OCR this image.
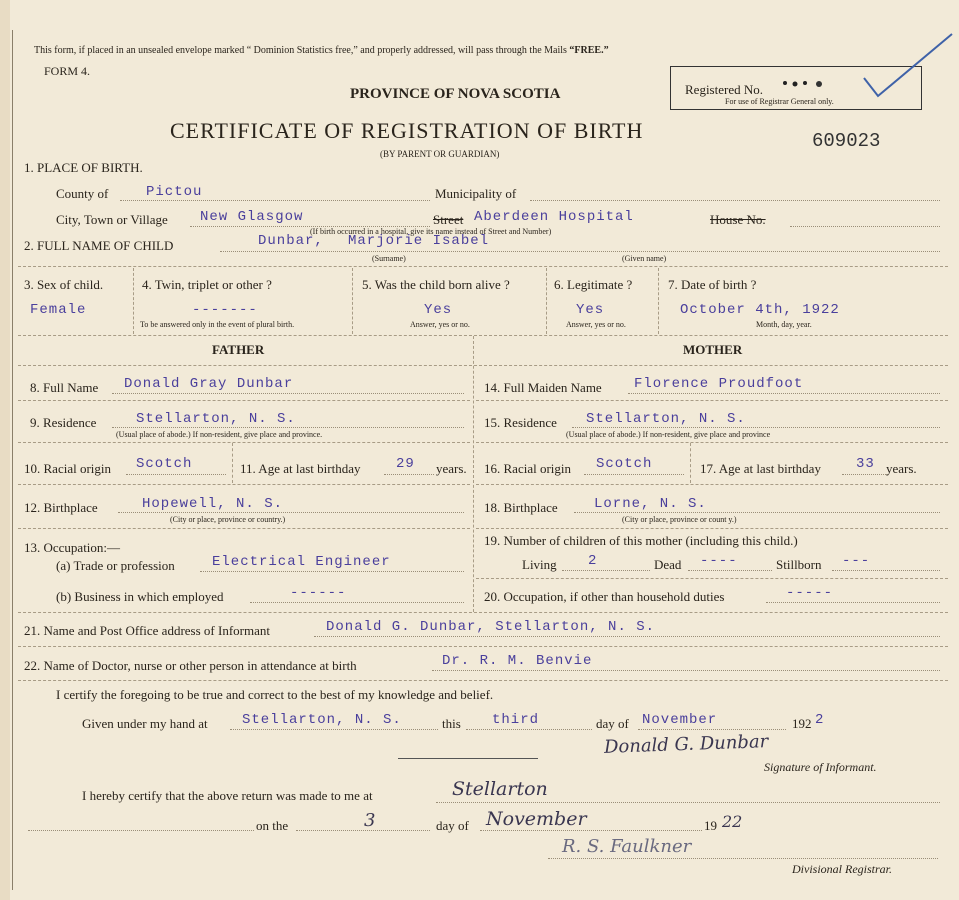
This form, if placed in an unsealed envelope marked “ Dominion Statistics free,” and properly addressed, will pass through the Mails “FREE.”
FORM 4.
PROVINCE OF NOVA SCOTIA	Registered No.
For use of Registrar General only.
CERTIFICATE OF REGISTRATION OF BIRTH
(BY PARENT OR GUARDIAN)
609023
1. PLACE OF BIRTH.
County of	Pictou	Municipality of
City, Town or Village New Glasgow	Street Aberdeen Hospital	House No.
(If birth occurred in a hospital, give its name instead of Street and Number)
2. FULL NAME OF CHILD	Dunbar, Marjorie Isabel
(Surname)	(Given name)
3. Sex of child.
Female
4. Twin, triplet or other ?
-------
To be answered only in the event of plural birth.
5. Was the child born alive ?
Yes
Answer, yes or no.
6. Legitimate ?
Yes
Answer, yes or no.
7. Date of birth ?
October 4th, 1922
Month, day, year.
FATHER	MOTHER
8. Full Name Donald Gray Dunbar
9. Residence	Stellarton, N. S.
(Usual place of abode.) If non-resident, give place and province.
10. Racial origin Scotch	11. Age at last birthday	29 years.
12. Birthplace	Hopewell, N. S.
(City or place, province or country.)
13. Occupation:—
(a) Trade or profession	Electrical Engineer
(b) Business in which employed	------
14. Full Maiden Name Florence Proudfoot
15. Residence Stellarton, N. S.
(Usual place of abode.) If non-resident, give place and province
16. Racial origin Scotch	17. Age at last birthday	33 years.
18. Birthplace	Lorne, N. S.
(City or place, province or count y.)
19. Number of children of this mother (including this child.)
Living 2	Dead ----	Stillborn ---
20. Occupation, if other than household duties	-----
21. Name and Post Office address of Informant	Donald G. Dunbar, Stellarton, N. S.
22. Name of Doctor, nurse or other person in attendance at birth	Dr. R. M. Benvie
I certify the foregoing to be true and correct to the best of my knowledge and belief.
Given under my hand at Stellarton, N. S.	this third	day of November	192 2
Donald G. Dunbar
Signature of Informant.
I hereby certify that the above return was made to me at	Stellarton
on the	3	day of November	19 22
R. S. Faulkner
Divisional Registrar.
